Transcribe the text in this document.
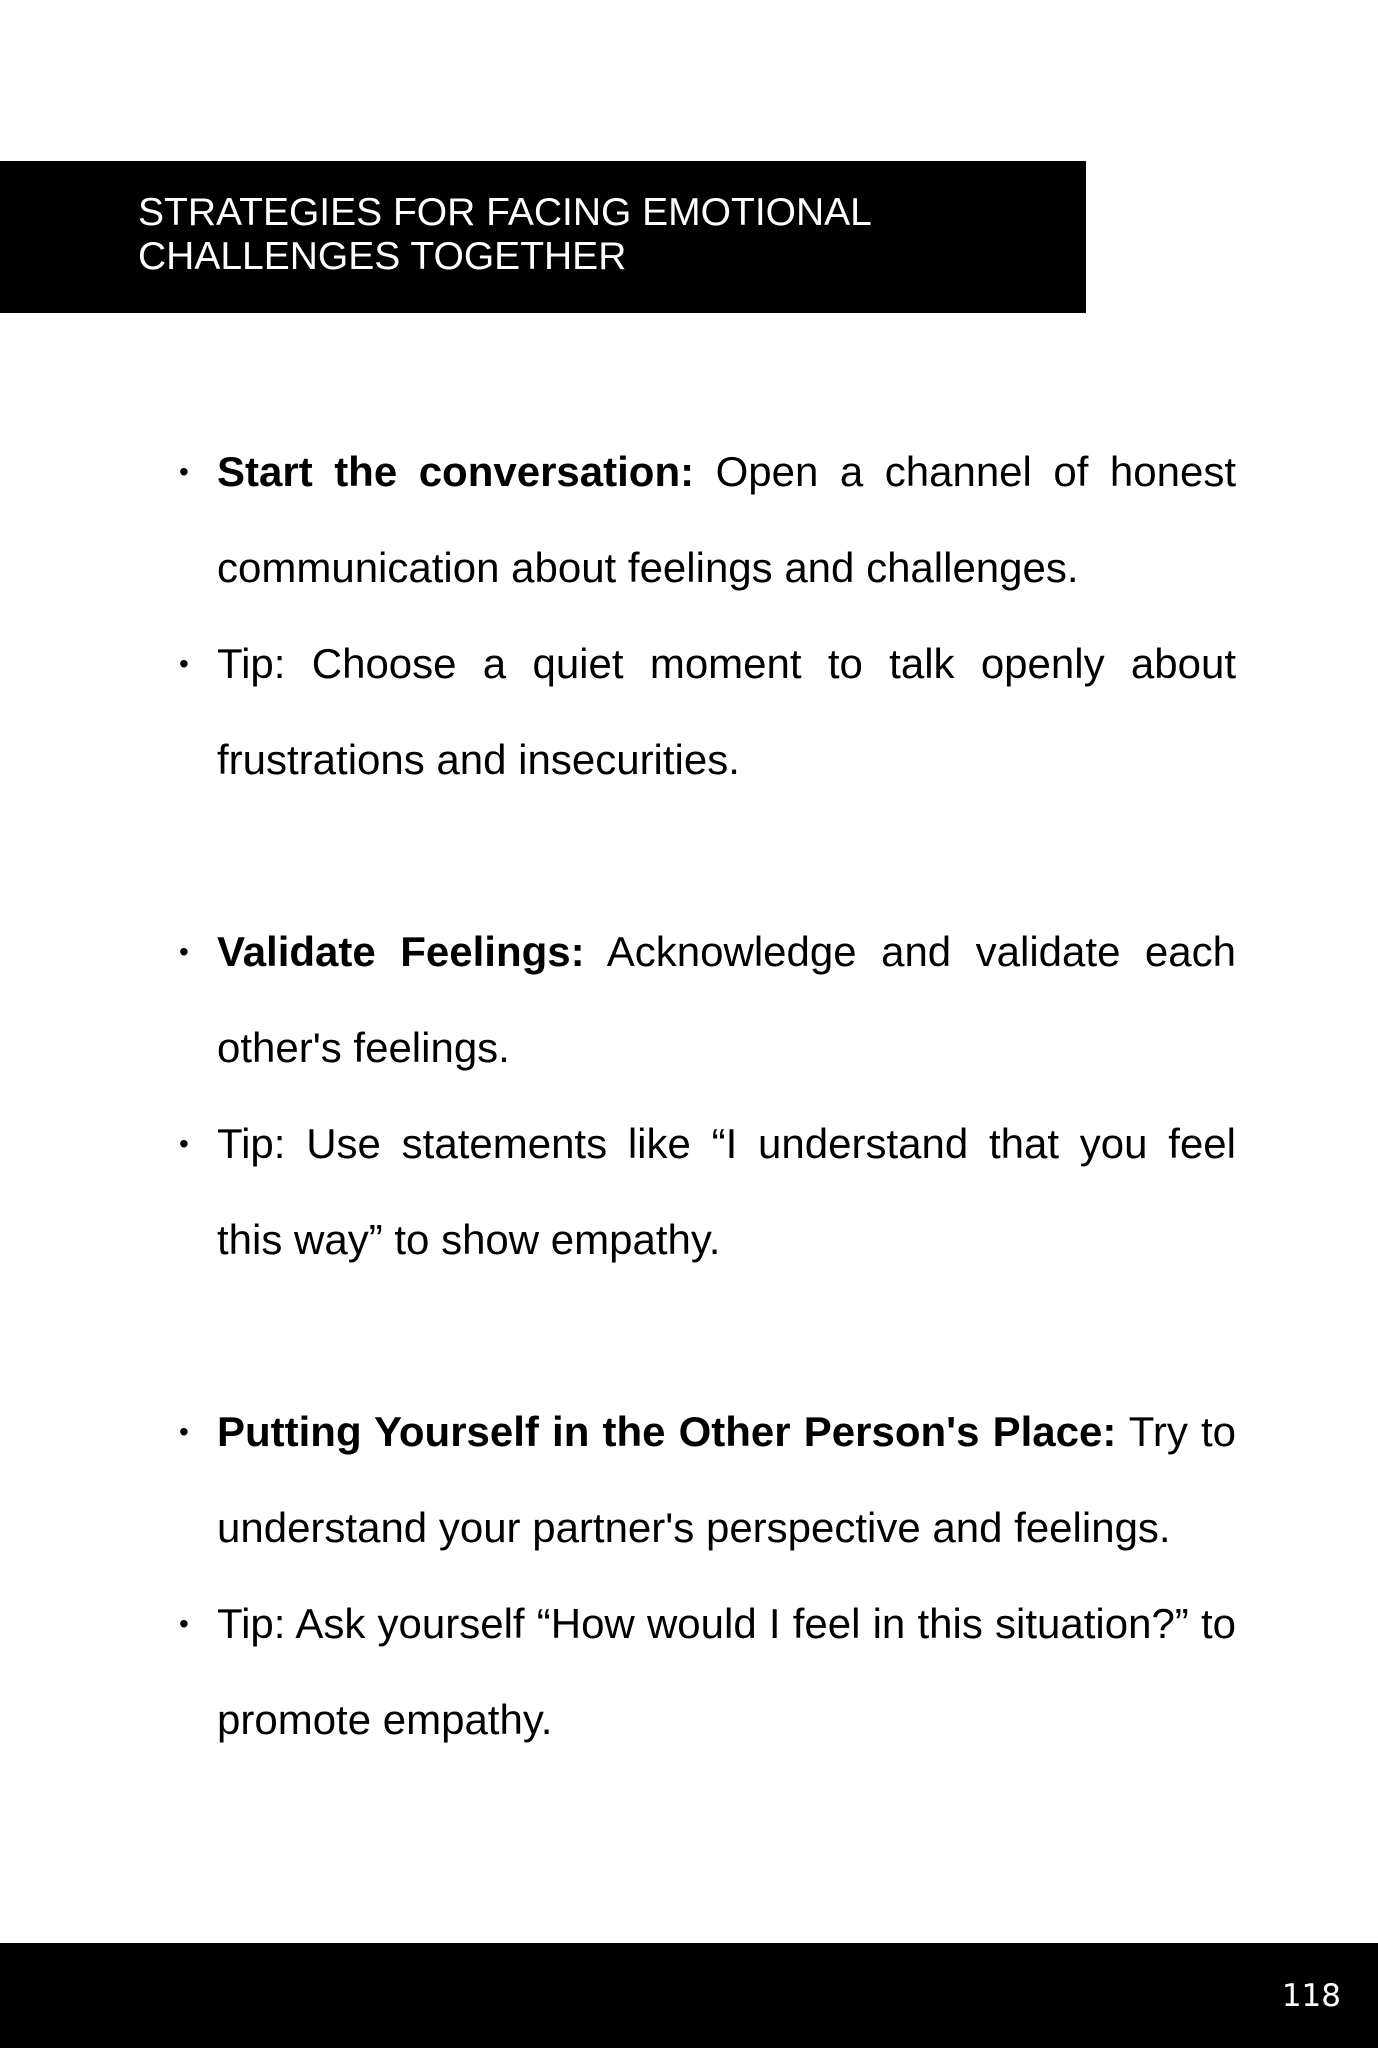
STRATEGIES FOR FACING EMOTIONAL
CHALLENGES TOGETHER
• Start the conversation: Open a channel of honest communication about feelings and challenges.
• Tip: Choose a quiet moment to talk openly about frustrations and insecurities.
• Validate Feelings: Acknowledge and validate each other's feelings.
• Tip: Use statements like “I understand that you feel this way” to show empathy.
• Putting Yourself in the Other Person's Place: Try to understand your partner's perspective and feelings.
• Tip: Ask yourself “How would I feel in this situation?” to promote empathy.
118
